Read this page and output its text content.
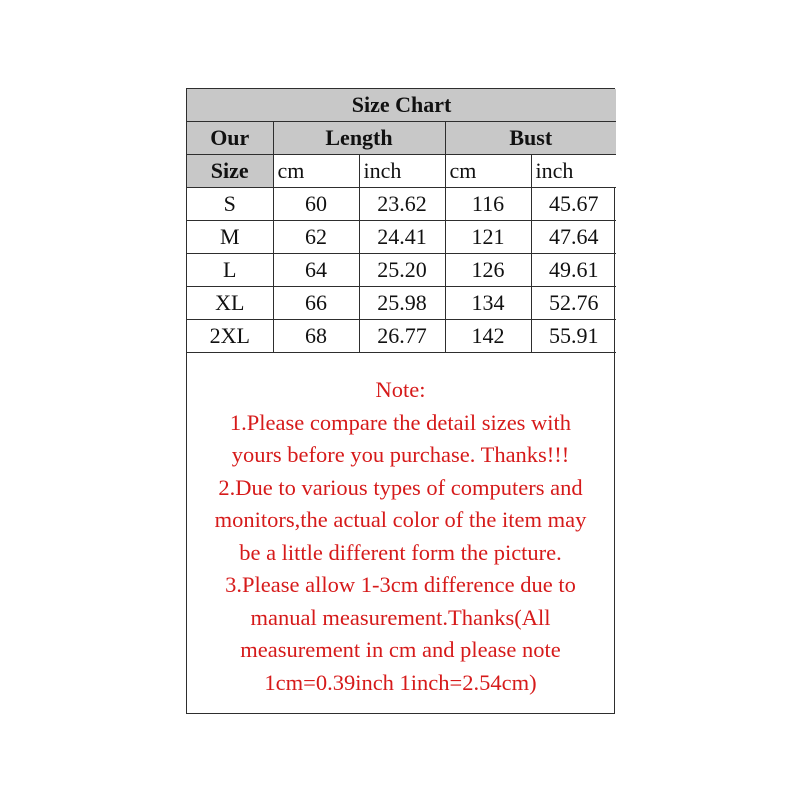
Size Chart				
Our	Length		Bust	
Size	cm	inch	cm	inch
S	60	23.62	116	45.67
M	62	24.41	121	47.64
L	64	25.20	126	49.61
XL	66	25.98	134	52.76
2XL	68	26.77	142	55.91
Note:
1.Please compare the detail sizes with
yours before you purchase. Thanks!!!
2.Due to various types of computers and
monitors,the actual color of the item may
be a little different form the picture.
3.Please allow 1-3cm difference due to
manual measurement.Thanks(All
measurement in cm and please note
1cm=0.39inch 1inch=2.54cm)
